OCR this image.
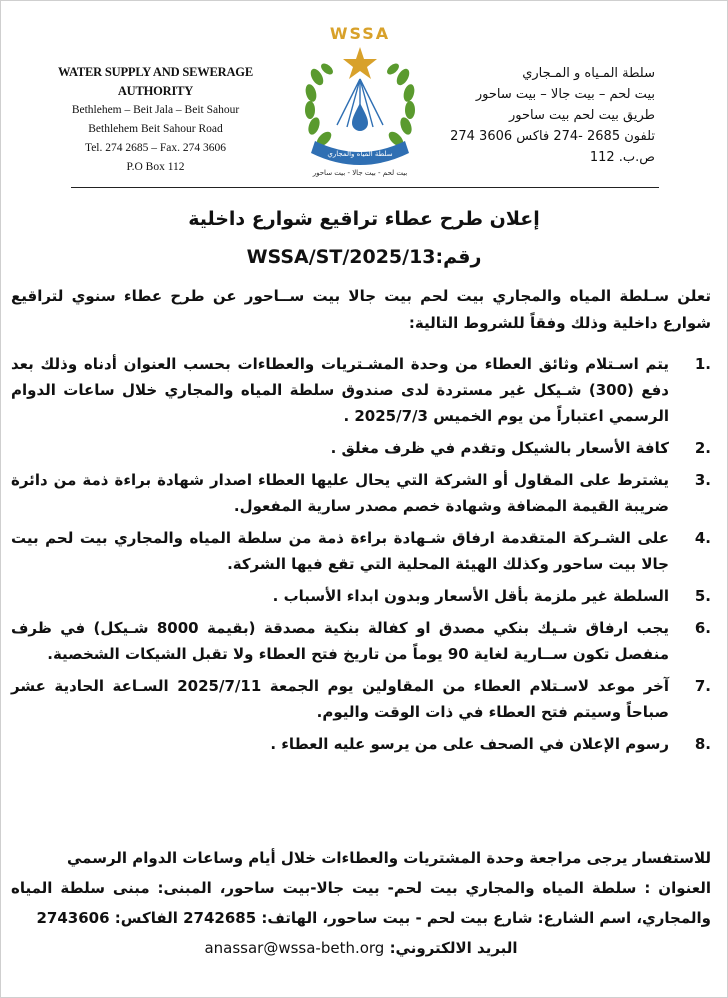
WATER SUPPLY AND SEWERAGE AUTHORITY
Bethlehem – Beit Jala – Beit Sahour
Bethlehem Beit Sahour Road
Tel. 274 2685 – Fax. 274 3606
P.O Box 112
WSSA
سلطة المياه والمجاري
بيت لحم - بيت جالا - بيت ساحور
سلطة المـياه و المـجاري
بيت لحم – بيت جالا – بيت ساحور
طريق بيت لحم بيت ساحور
تلفون 2685 -274 فاكس 3606 274
ص.ب. 112
إعلان طرح عطاء تراقيع شوارع داخلية
رقم:WSSA/ST/2025/13
تعلن سـلطة المياه والمجاري بيت لحم بيت جالا بيت ســاحور عن طرح عطاء سنوي لتراقيع شوارع داخلية وذلك وفقاً للشروط التالية:
.1
يتم اسـتلام وثائق العطاء من وحدة المشـتريات والعطاءات بحسب العنوان أدناه وذلك بعد دفع (300) شـيكل غير مستردة لدى صندوق سلطة المياه والمجاري خلال ساعات الدوام الرسمي اعتباراً من يوم الخميس 2025/7/3 .
.2
كافة الأسعار بالشيكل وتقدم في ظرف مغلق .
.3
يشترط على المقاول أو الشركة التي يحال عليها العطاء اصدار شهادة براءة ذمة من دائرة ضريبة القيمة المضافة وشهادة خصم مصدر سارية المفعول.
.4
على الشـركة المتقدمة ارفاق شـهادة براءة ذمة من سلطة المياه والمجاري بيت لحم بيت جالا بيت ساحور وكذلك الهيئة المحلية التي تقع فيها الشركة.
.5
السلطة غير ملزمة بأقل الأسعار وبدون ابداء الأسباب .
.6
يجب ارفاق شـيك بنكي مصدق او كفالة بنكية مصدقة (بقيمة 8000 شـيكل) في ظرف منفصل تكون ســارية لغاية 90 يوماً من تاريخ فتح العطاء ولا تقبل الشيكات الشخصية.
.7
آخر موعد لاسـتلام العطاء من المقاولين يوم الجمعة 2025/7/11 السـاعة الحادية عشر صباحاً وسيتم فتح العطاء في ذات الوقت واليوم.
.8
رسوم الإعلان في الصحف على من يرسو عليه العطاء .

للاستفسار يرجى مراجعة وحدة المشتريات والعطاءات خلال أيام وساعات الدوام الرسمي

العنوان : سلطة المياه والمجاري بيت لحم- بيت جالا-بيت ساحور، المبنى: مبنى سلطة المياه والمجاري، اسم الشارع: شارع بيت لحم - بيت ساحور، الهاتف: 2742685 الفاكس: 2743606

البريد الالكتروني: anassar@wssa-beth.org
